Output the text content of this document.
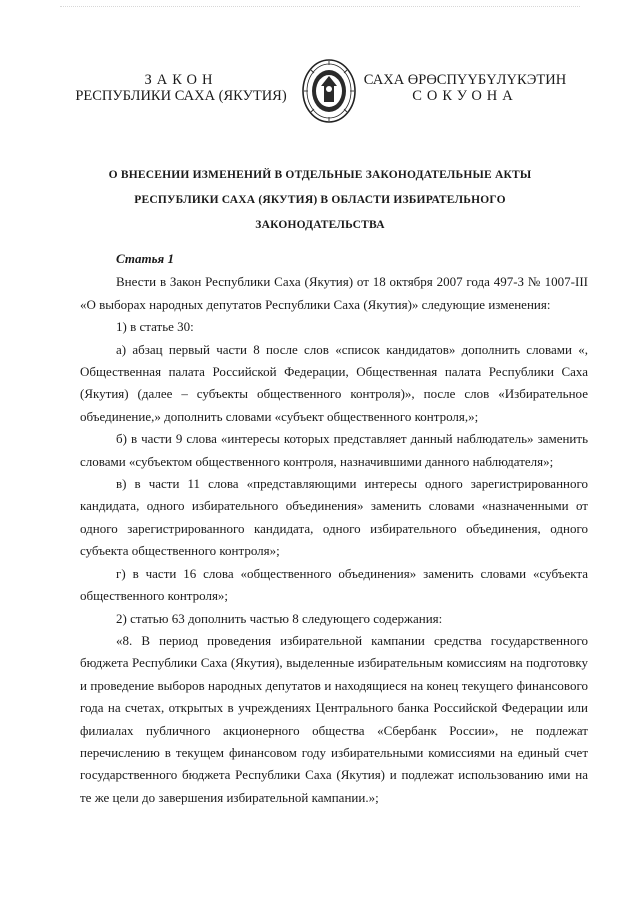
ЗАКОН
РЕСПУБЛИКИ САХА (ЯКУТИЯ)
САХА ӨРӨСПҮҮБҮЛҮКЭТИН
СОКУОНА
О ВНЕСЕНИИ ИЗМЕНЕНИЙ В ОТДЕЛЬНЫЕ ЗАКОНОДАТЕЛЬНЫЕ АКТЫ
РЕСПУБЛИКИ САХА (ЯКУТИЯ) В ОБЛАСТИ ИЗБИРАТЕЛЬНОГО ЗАКОНОДАТЕЛЬСТВА
Статья 1

Внести в Закон Республики Саха (Якутия) от 18 октября 2007 года 497-З № 1007-III «О выборах народных депутатов Республики Саха (Якутия)» следующие изменения:

1) в статье 30:

а) абзац первый части 8 после слов «список кандидатов» дополнить словами «, Общественная палата Российской Федерации, Общественная палата Республики Саха (Якутия) (далее – субъекты общественного контроля)», после слов «Избирательное объединение,» дополнить словами «субъект общественного контроля,»;

б) в части 9 слова «интересы которых представляет данный наблюдатель» заменить словами «субъектом общественного контроля, назначившими данного наблюдателя»;

в) в части 11 слова «представляющими интересы одного зарегистрированного кандидата, одного избирательного объединения» заменить словами «назначенными от одного зарегистрированного кандидата, одного избирательного объединения, одного субъекта общественного контроля»;

г) в части 16 слова «общественного объединения» заменить словами «субъекта общественного контроля»;

2) статью 63 дополнить частью 8 следующего содержания:

«8. В период проведения избирательной кампании средства государственного бюджета Республики Саха (Якутия), выделенные избирательным комиссиям на подготовку и проведение выборов народных депутатов и находящиеся на конец текущего финансового года на счетах, открытых в учреждениях Центрального банка Российской Федерации или филиалах публичного акционерного общества «Сбербанк России», не подлежат перечислению в текущем финансовом году избирательными комиссиями на единый счет государственного бюджета Республики Саха (Якутия) и подлежат использованию ими на те же цели до завершения избирательной кампании.»;
